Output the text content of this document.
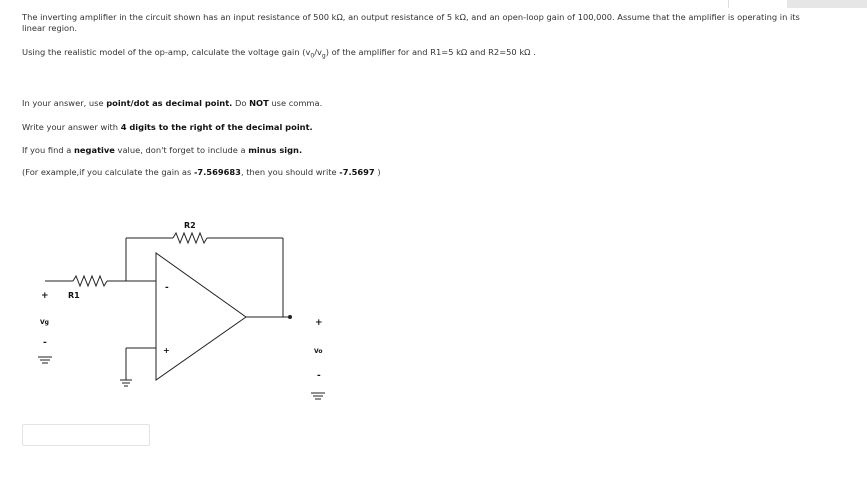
The inverting amplifier in the circuit shown has an input resistance of 500 kΩ, an output resistance of 5 kΩ, and an open-loop gain of 100,000. Assume that the amplifier is operating in its linear region.

Using the realistic model of the op-amp, calculate the voltage gain $(v_0/v_g)$ of the amplifier for and R1=5 kΩ and R2=50 kΩ .

In your answer, use point/dot as decimal point. Do NOT use comma.

Write your answer with 4 digits to the right of the decimal point.

If you find a negative value, don't forget to include a minus sign.

(For example,if you calculate the gain as -7.569683, then you should write -7.5697 )

R1
R2
+
Vg
-
+
Vo
-
-
+
